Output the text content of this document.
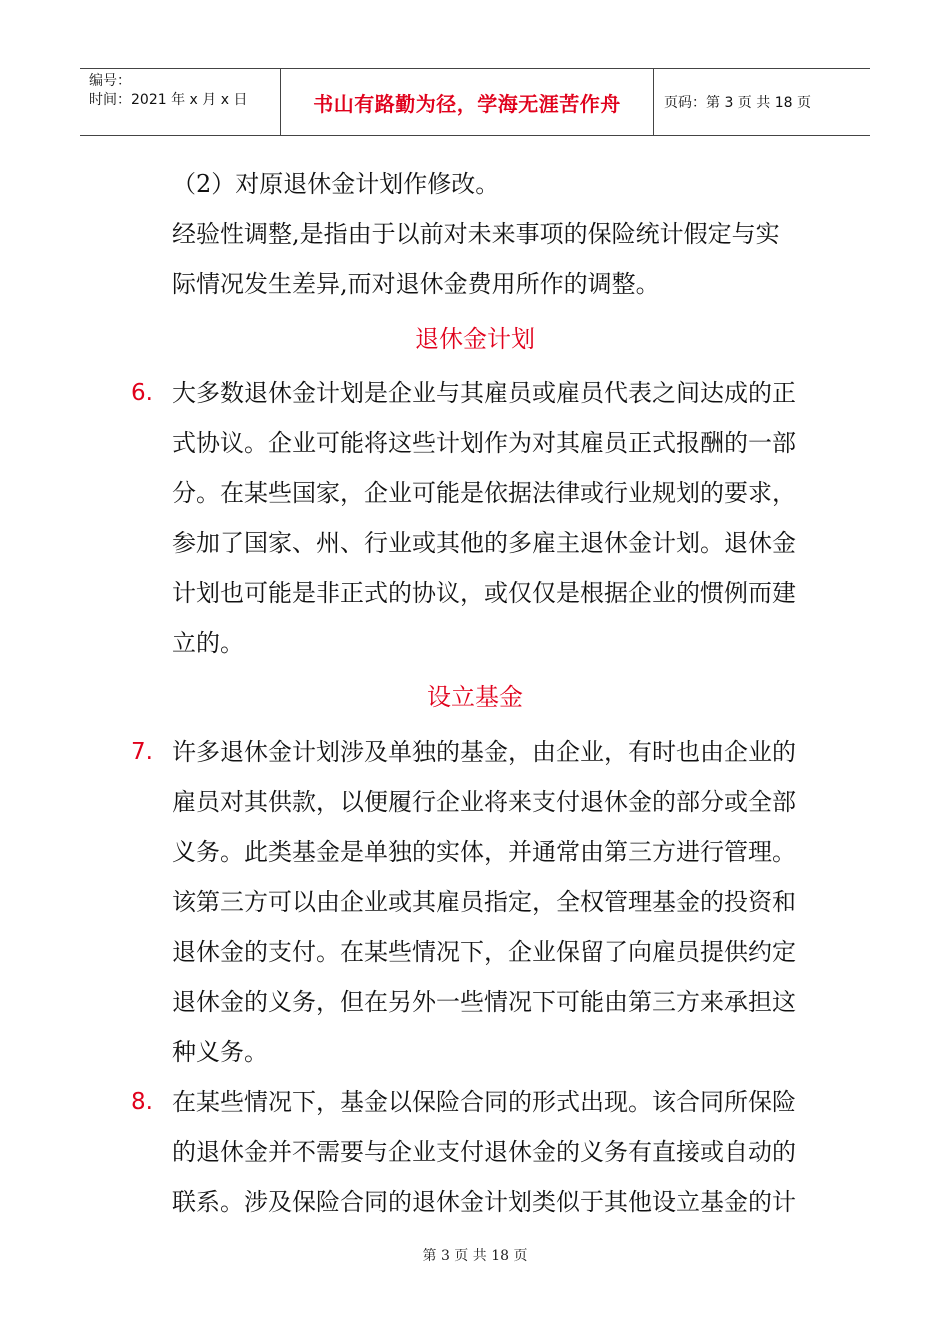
编号：
时间：2021 年 x 月 x 日	书山有路勤为径，学海无涯苦作舟	页码：第 3 页 共 18 页
（2）对原退休金计划作修改。
经验性调整,是指由于以前对未来事项的保险统计假定与实
际情况发生差异,而对退休金费用所作的调整。
退休金计划
6. 大多数退休金计划是企业与其雇员或雇员代表之间达成的正
式协议。企业可能将这些计划作为对其雇员正式报酬的一部
分。在某些国家，企业可能是依据法律或行业规划的要求，
参加了国家、州、行业或其他的多雇主退休金计划。退休金
计划也可能是非正式的协议，或仅仅是根据企业的惯例而建
立的。
设立基金
7. 许多退休金计划涉及单独的基金，由企业，有时也由企业的
雇员对其供款，以便履行企业将来支付退休金的部分或全部
义务。此类基金是单独的实体，并通常由第三方进行管理。
该第三方可以由企业或其雇员指定，全权管理基金的投资和
退休金的支付。在某些情况下，企业保留了向雇员提供约定
退休金的义务，但在另外一些情况下可能由第三方来承担这
种义务。
8. 在某些情况下，基金以保险合同的形式出现。该合同所保险
的退休金并不需要与企业支付退休金的义务有直接或自动的
联系。涉及保险合同的退休金计划类似于其他设立基金的计
第 3 页 共 18 页
